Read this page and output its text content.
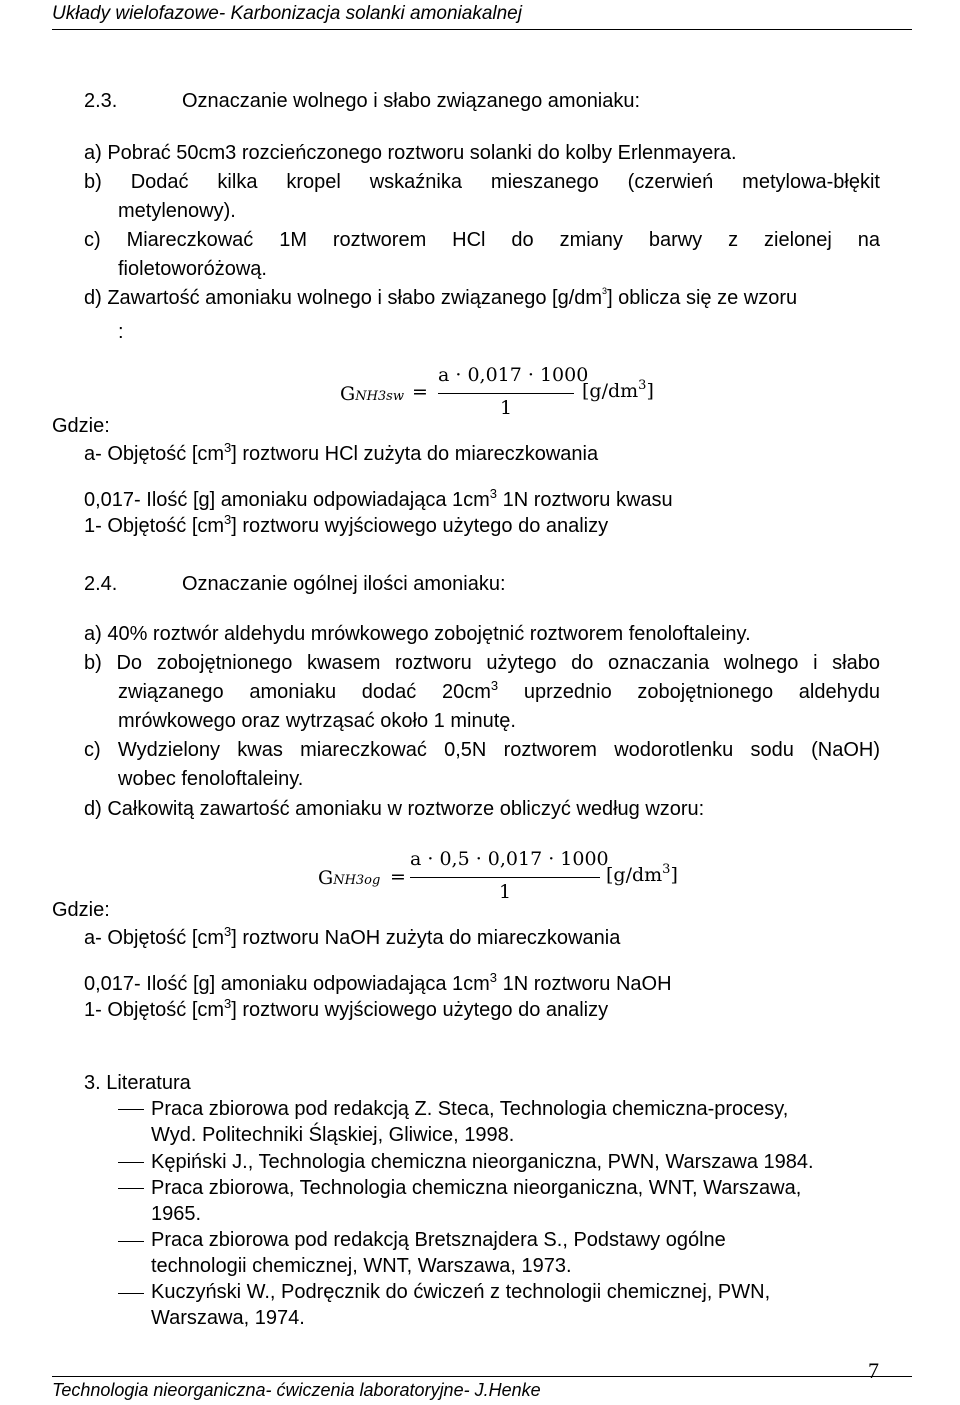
Układy wielofazowe- Karbonizacja solanki amoniakalnej
2.3.	Oznaczanie wolnego i słabo związanego amoniaku:
a) Pobrać 50cm3 rozcieńczonego roztworu solanki do kolby Erlenmayera.
b) Dodać kilka kropel wskaźnika mieszanego (czerwień metylowa-błękit
metylenowy).
c) Miareczkować 1M roztworem HCl do zmiany barwy z zielonej na
fioletoworóżową.
d) Zawartość amoniaku wolnego i słabo związanego $[g/dm^3]$ oblicza się ze wzoru
:
GNH3sw =
a · 0,017 · 1000
1
$[g/dm^3]$
Gdzie:
a- Objętość $[cm^3]$ roztworu HCl zużyta do miareczkowania
0,017- Ilość [g] amoniaku odpowiadająca $1cm^3$ 1N roztworu kwasu
1- Objętość $[cm^3]$ roztworu wyjściowego użytego do analizy
2.4.	Oznaczanie ogólnej ilości amoniaku:
a) 40% roztwór aldehydu mrówkowego zobojętnić roztworem fenoloftaleiny.
b) Do zobojętnionego kwasem roztworu użytego do oznaczania wolnego i słabo
związanego amoniaku dodać $20cm^3$ uprzednio zobojętnionego aldehydu
mrówkowego oraz wytrząsać około 1 minutę.
c) Wydzielony kwas miareczkować 0,5N roztworem wodorotlenku sodu (NaOH)
wobec fenoloftaleiny.
d) Całkowitą zawartość amoniaku w roztworze obliczyć według wzoru:
GNH3og =
a · 0,5 · 0,017 · 1000
1
$[g/dm^3]$
Gdzie:
a- Objętość $[cm^3]$ roztworu NaOH zużyta do miareczkowania
0,017- Ilość [g] amoniaku odpowiadająca $1cm^3$ 1N roztworu NaOH
1- Objętość $[cm^3]$ roztworu wyjściowego użytego do analizy
3. Literatura
Praca zbiorowa pod redakcją Z. Steca, Technologia chemiczna-procesy,
Wyd. Politechniki Śląskiej, Gliwice, 1998.
Kępiński J., Technologia chemiczna nieorganiczna, PWN, Warszawa 1984.
Praca zbiorowa, Technologia chemiczna nieorganiczna, WNT, Warszawa,
1965.
Praca zbiorowa pod redakcją Bretsznajdera S., Podstawy ogólne
technologii chemicznej, WNT, Warszawa, 1973.
Kuczyński W., Podręcznik do ćwiczeń z technologii chemicznej, PWN,
Warszawa, 1974.
7
Technologia nieorganiczna- ćwiczenia laboratoryjne- J.Henke
